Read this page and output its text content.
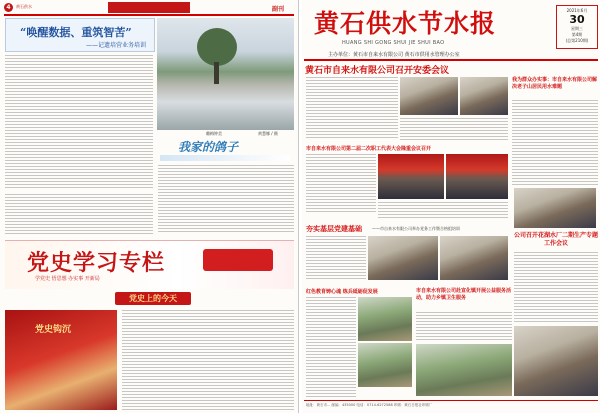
4	黄石供水	副刊
“唤醒数据、重筑智苦”
——记遗培营业务培训
雕梅钟美	黄慧娜 / 摄
我家的鸽子
党史学习专栏
学党史 悟思想 办实事 开新局
党史上的今天
党史钩沉
黄石供水节水报
HUANG SHI GONG SHUI JIE SHUI BAO
2021年6月
30
星期三
第4期
(总第210期)
主办单位：黄石市自来水有限公司 黄石市供用水管理办公室
黄石市自来水有限公司召开安委会议
我为群众办实事：市自来水有限公司解决老子山居民用水难题
市自来水有限公司第二届二次职工代表大会隆重会议召开
夯实基层党建基础	——市自来水有限公司举办党务工作暨合格组培训
公司召开花湖水厂二期生产专题工作会议
红色教育铸心魂 练兵砥砺促发展	市自来水有限公司赴宣化镇开展公益服务活动，助力乡镇卫生服务
地址：黄石市... 邮编：435000 电话：0714-6272588 印刷：黄石日报社印刷厂
